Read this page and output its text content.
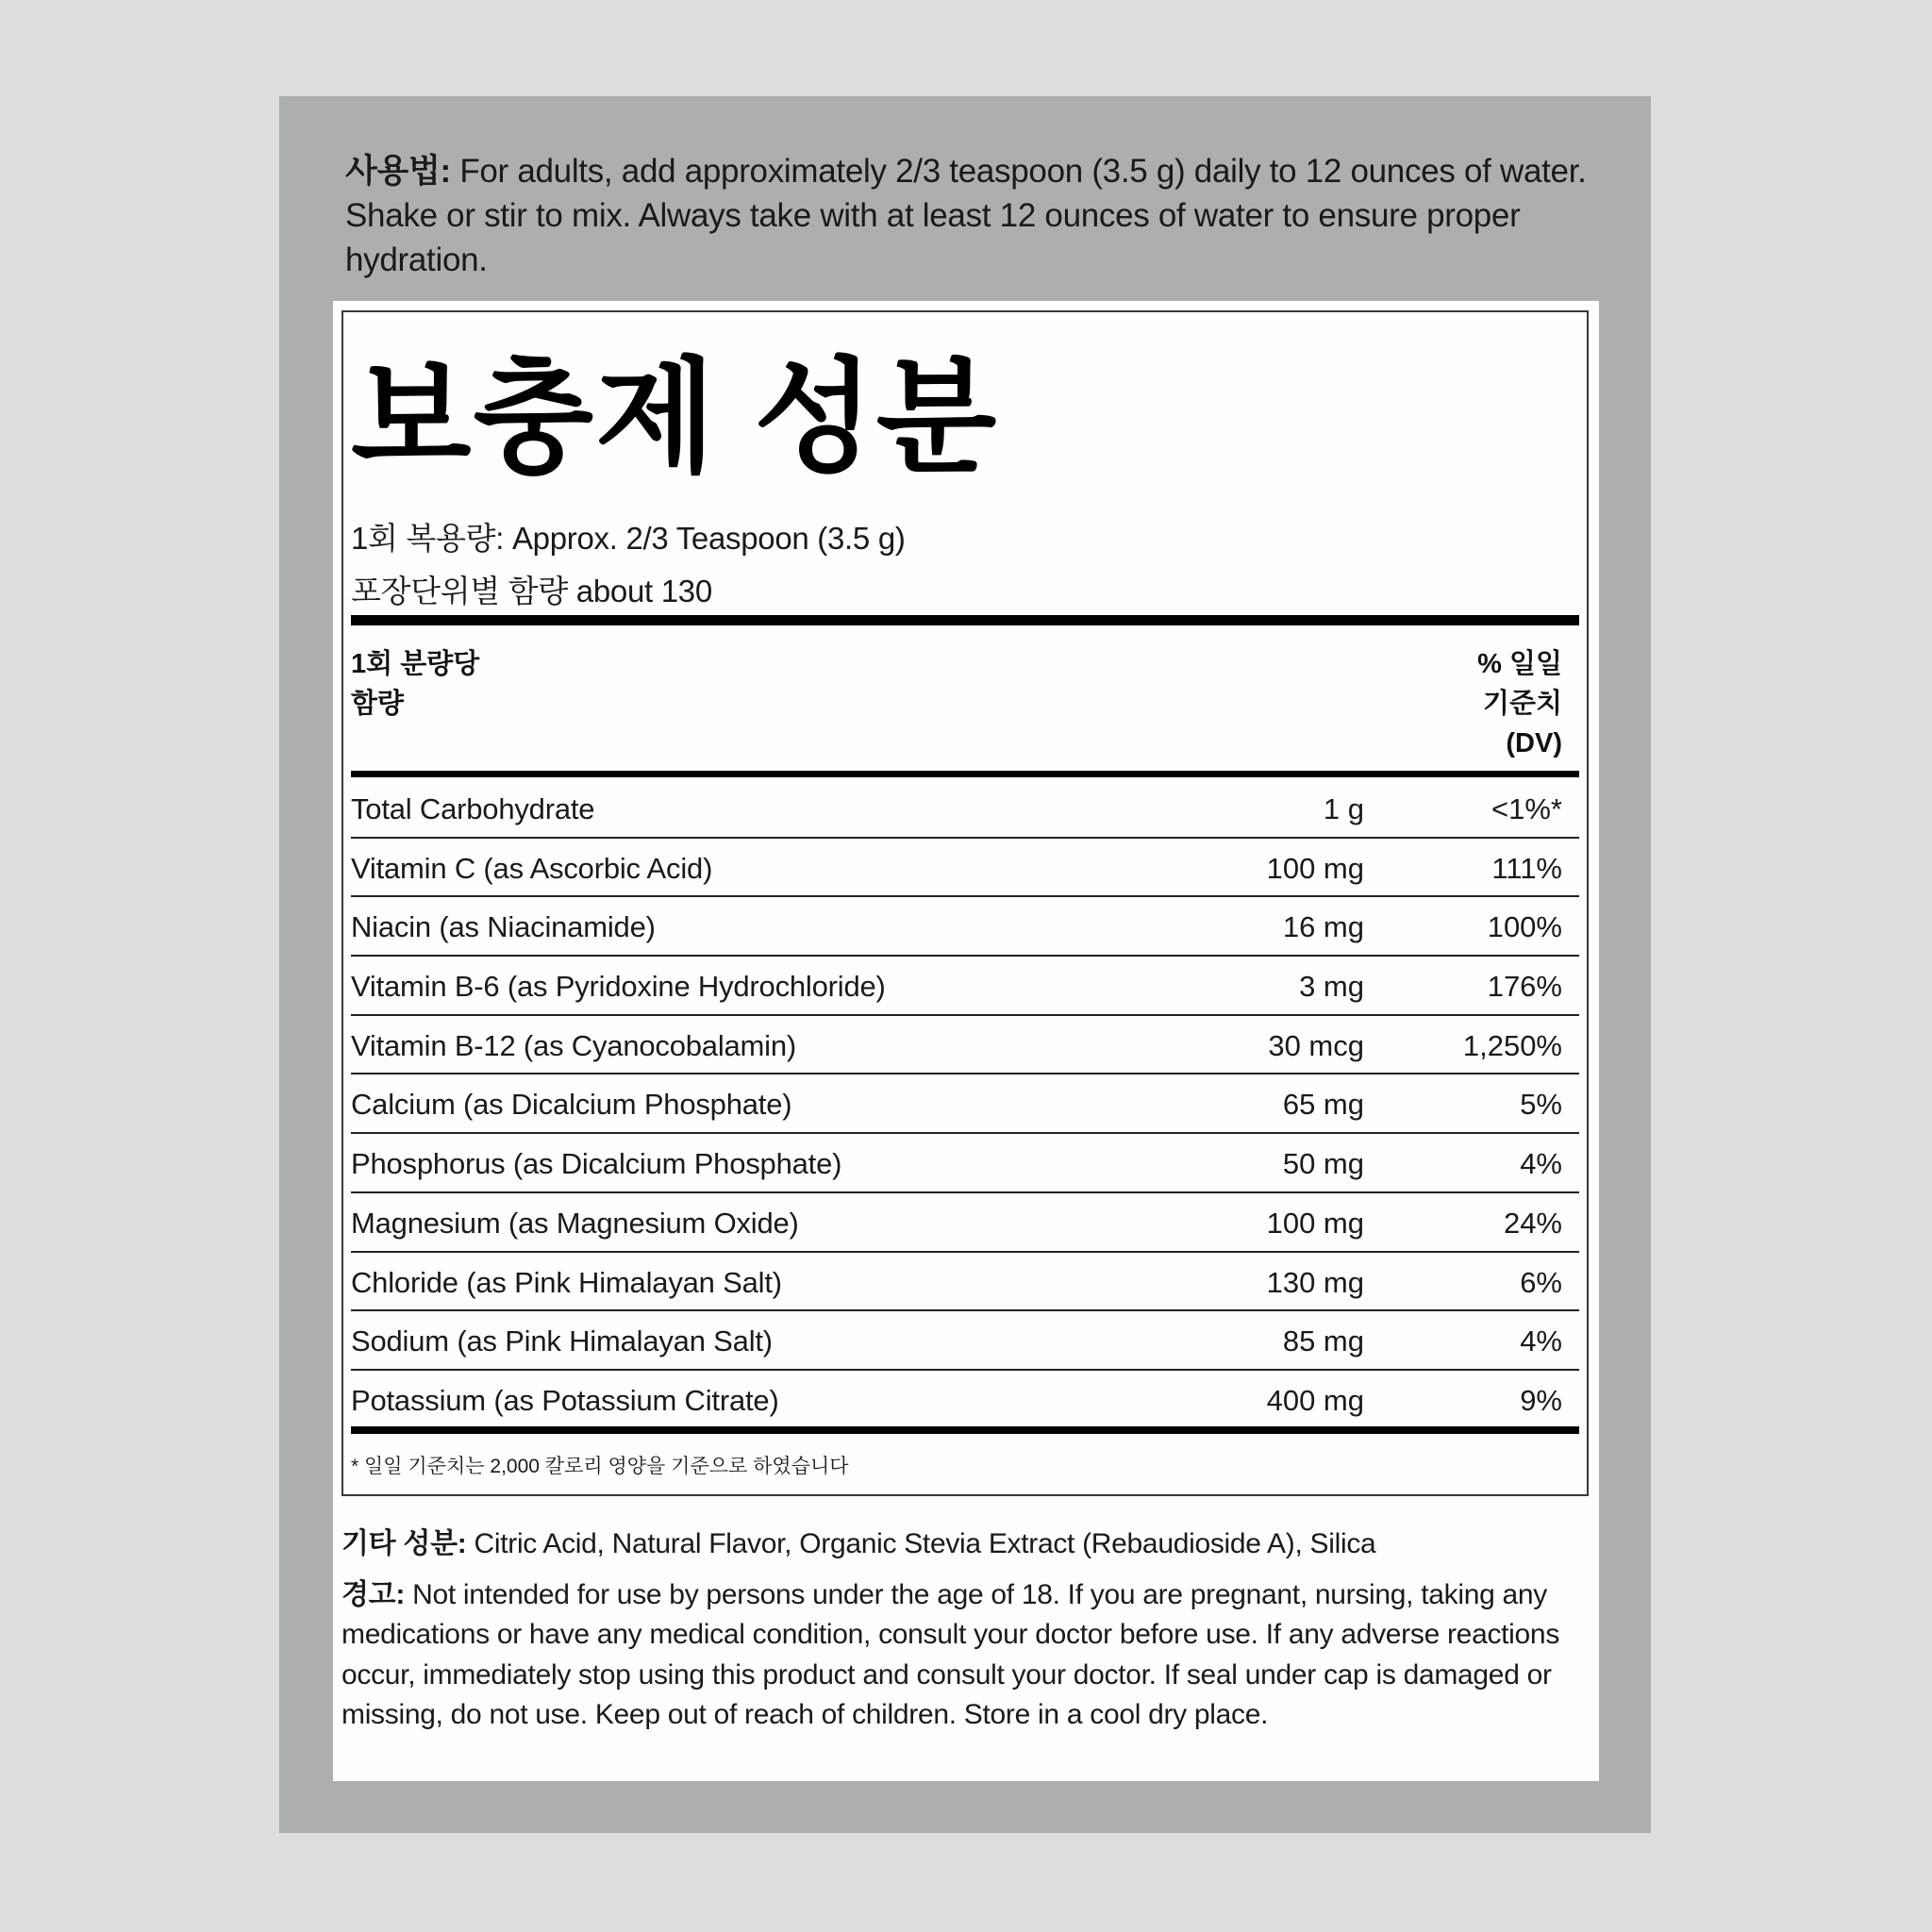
사용법: For adults, add approximately 2/3 teaspoon (3.5 g) daily to 12 ounces of water. Shake or stir to mix. Always take with at least 12 ounces of water to ensure proper hydration.
보충제 성분
1회 복용량: Approx. 2/3 Teaspoon (3.5 g)
포장단위별 함량 about 130
1회 분량당
함량
% 일일
기준치
(DV)
Total Carbohydrate	1 g	<1%*
Vitamin C (as Ascorbic Acid)	100 mg	111%
Niacin (as Niacinamide)	16 mg	100%
Vitamin B-6 (as Pyridoxine Hydrochloride)	3 mg	176%
Vitamin B-12 (as Cyanocobalamin)	30 mcg	1,250%
Calcium (as Dicalcium Phosphate)	65 mg	5%
Phosphorus (as Dicalcium Phosphate)	50 mg	4%
Magnesium (as Magnesium Oxide)	100 mg	24%
Chloride (as Pink Himalayan Salt)	130 mg	6%
Sodium (as Pink Himalayan Salt)	85 mg	4%
Potassium (as Potassium Citrate)	400 mg	9%
* 일일 기준치는 2,000 칼로리 영양을 기준으로 하였습니다
기타 성분: Citric Acid, Natural Flavor, Organic Stevia Extract (Rebaudioside A), Silica
경고: Not intended for use by persons under the age of 18. If you are pregnant, nursing, taking any medications or have any medical condition, consult your doctor before use. If any adverse reactions occur, immediately stop using this product and consult your doctor. If seal under cap is damaged or missing, do not use. Keep out of reach of children. Store in a cool dry place.
